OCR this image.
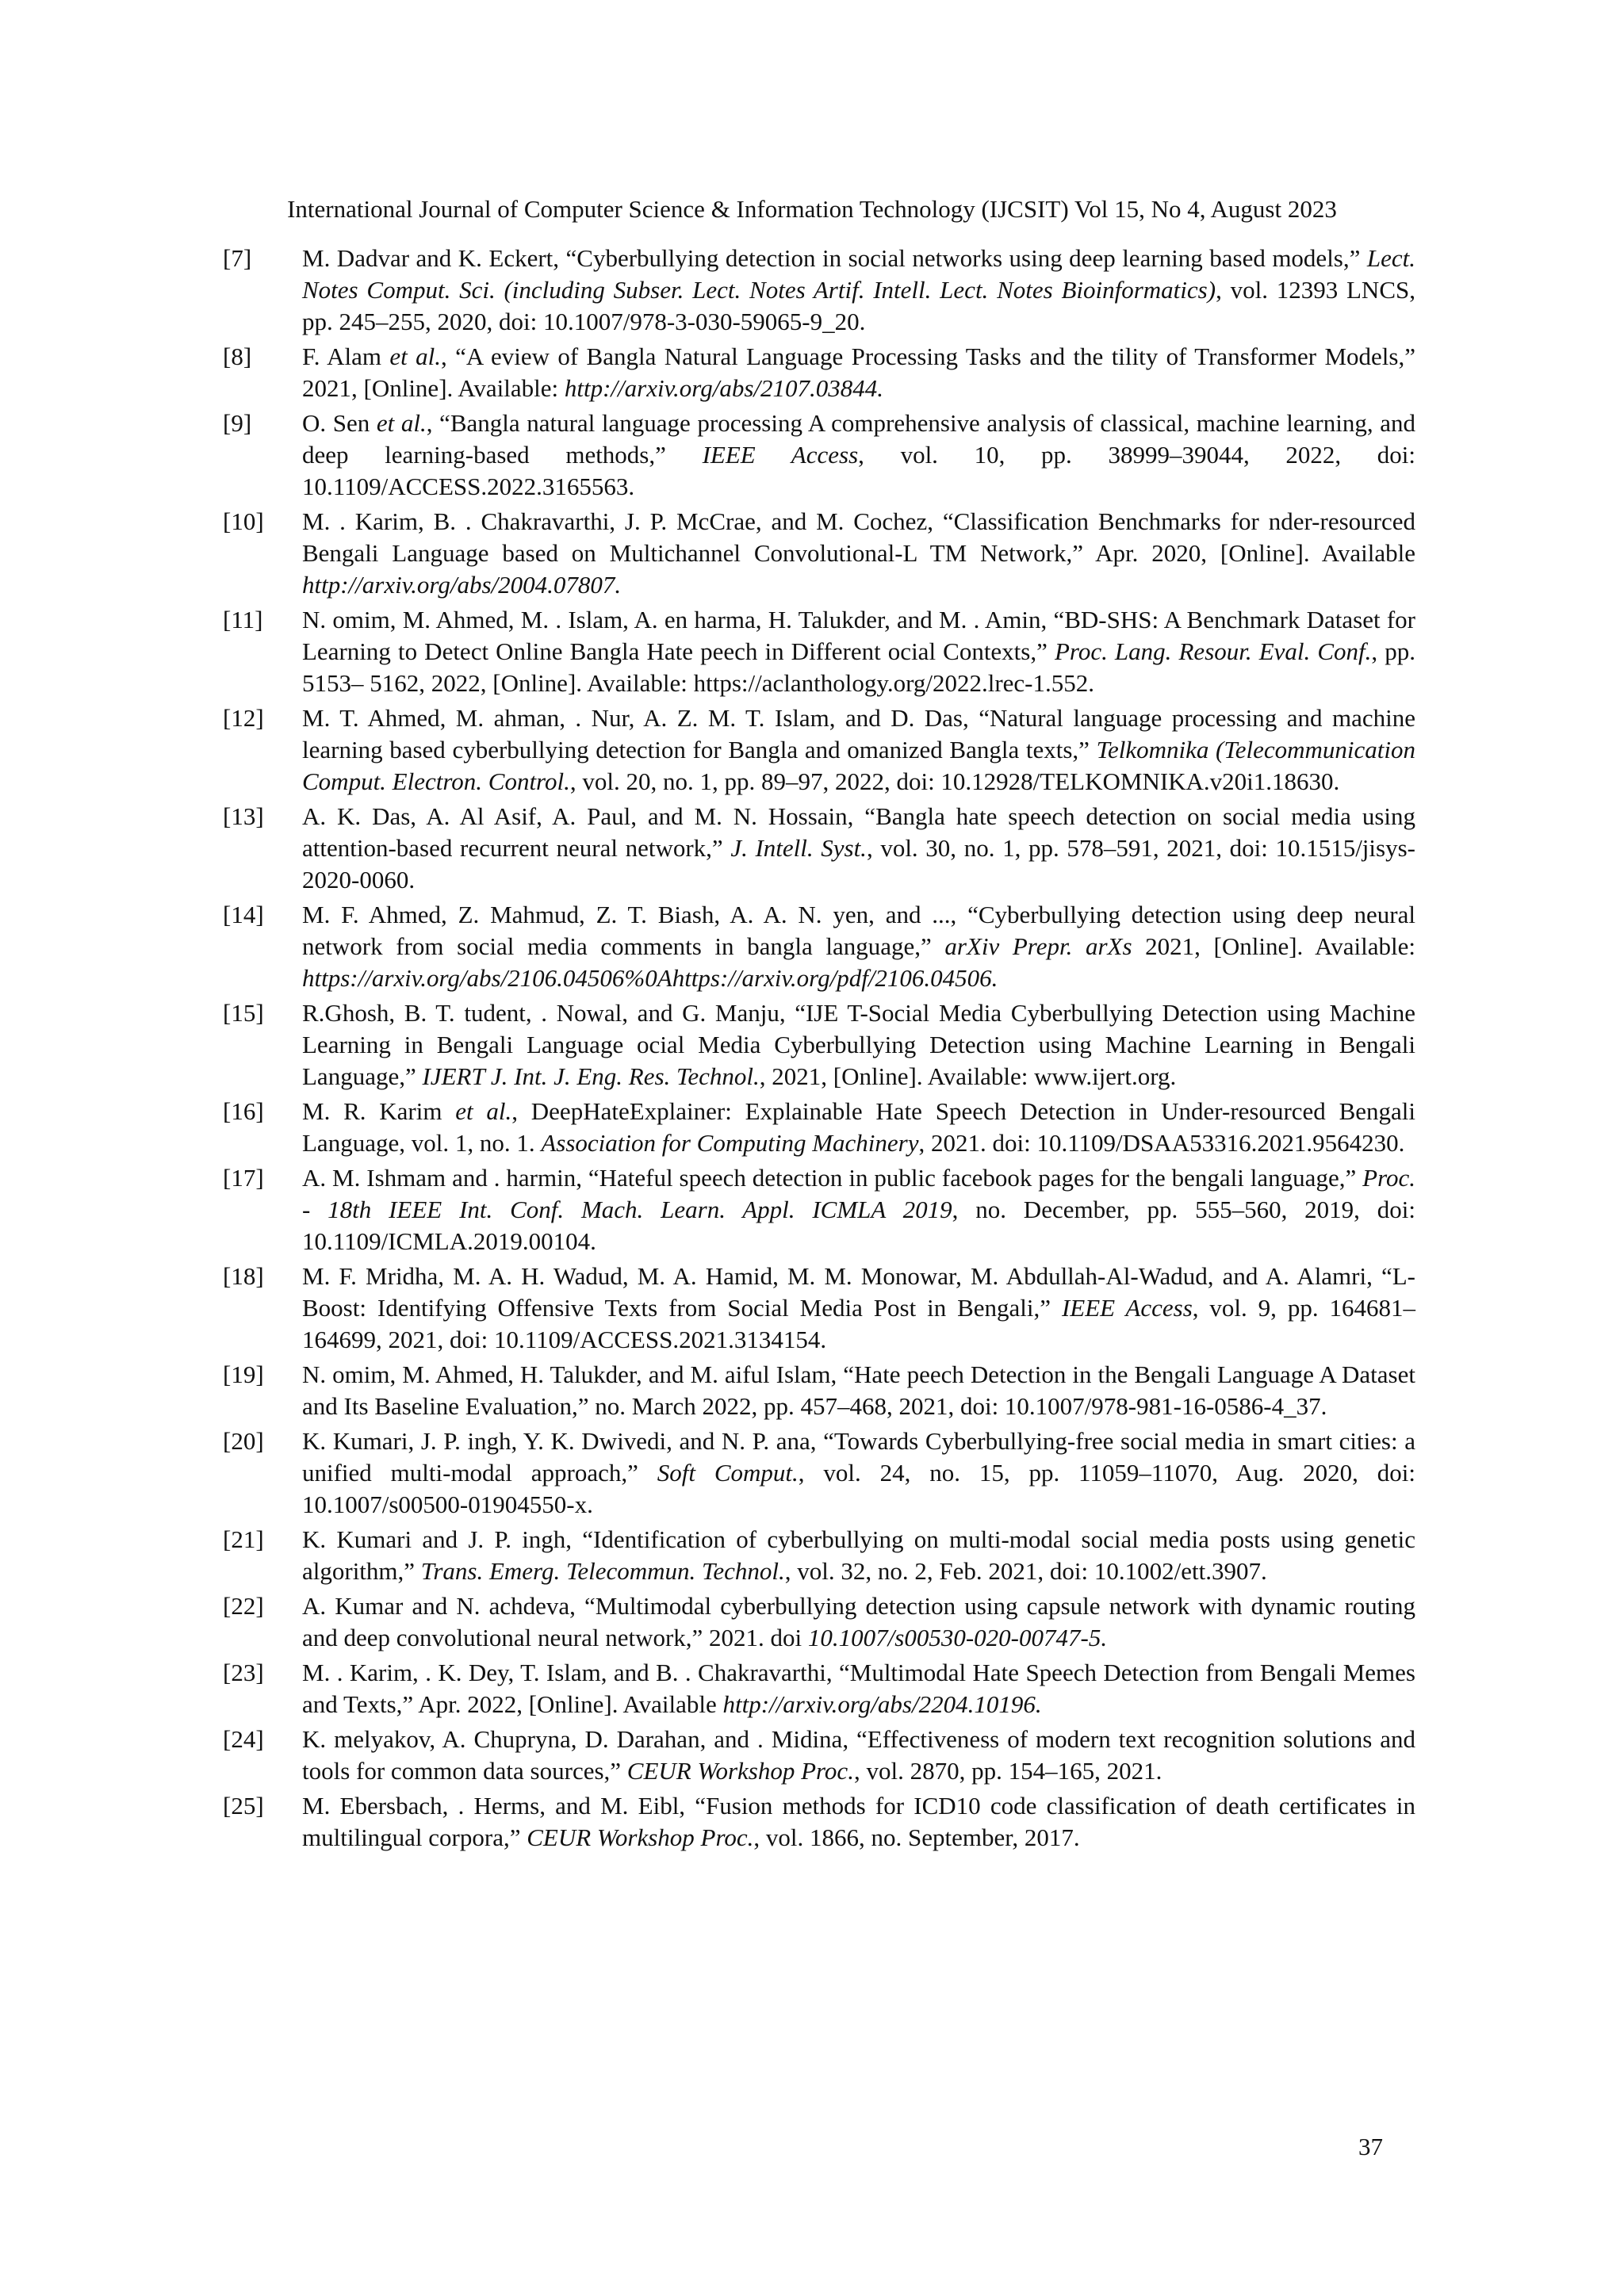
International Journal of Computer Science & Information Technology (IJCSIT) Vol 15, No 4, August 2023
[7]	M. Dadvar and K. Eckert, “Cyberbullying detection in social networks using deep learning based models,” Lect. Notes Comput. Sci. (including Subser. Lect. Notes Artif. Intell. Lect. Notes Bioinformatics), vol. 12393 LNCS, pp. 245–255, 2020, doi: 10.1007/978-3-030-59065-9_20.
[8]	F. Alam et al., “A eview of Bangla Natural Language Processing Tasks and the tility of Transformer Models,” 2021, [Online]. Available: http://arxiv.org/abs/2107.03844.
[9]	O. Sen et al., “Bangla natural language processing A comprehensive analysis of classical, machine learning, and deep learning-based methods,” IEEE Access, vol. 10, pp. 38999–39044, 2022, doi: 10.1109/ACCESS.2022.3165563.
[10]	M. . Karim, B. . Chakravarthi, J. P. McCrae, and M. Cochez, “Classification Benchmarks for nder-resourced Bengali Language based on Multichannel Convolutional-L TM Network,” Apr. 2020, [Online]. Available http://arxiv.org/abs/2004.07807.
[11]	N. omim, M. Ahmed, M. . Islam, A. en harma, H. Talukder, and M. . Amin, “BD-SHS: A Benchmark Dataset for Learning to Detect Online Bangla Hate peech in Different ocial Contexts,” Proc. Lang. Resour. Eval. Conf., pp. 5153– 5162, 2022, [Online]. Available: https://aclanthology.org/2022.lrec-1.552.
[12]	M. T. Ahmed, M. ahman, . Nur, A. Z. M. T. Islam, and D. Das, “Natural language processing and machine learning based cyberbullying detection for Bangla and omanized Bangla texts,” Telkomnika (Telecommunication Comput. Electron. Control., vol. 20, no. 1, pp. 89–97, 2022, doi: 10.12928/TELKOMNIKA.v20i1.18630.
[13]	A. K. Das, A. Al Asif, A. Paul, and M. N. Hossain, “Bangla hate speech detection on social media using attention-based recurrent neural network,” J. Intell. Syst., vol. 30, no. 1, pp. 578–591, 2021, doi: 10.1515/jisys-2020-0060.
[14]	M. F. Ahmed, Z. Mahmud, Z. T. Biash, A. A. N. yen, and ..., “Cyberbullying detection using deep neural network from social media comments in bangla language,” arXiv Prepr. arXs 2021, [Online]. Available: https://arxiv.org/abs/2106.04506%0Ahttps://arxiv.org/pdf/2106.04506.
[15]	R.Ghosh, B. T. tudent, . Nowal, and G. Manju, “IJE T-Social Media Cyberbullying Detection using Machine Learning in Bengali Language ocial Media Cyberbullying Detection using Machine Learning in Bengali Language,” IJERT J. Int. J. Eng. Res. Technol., 2021, [Online]. Available: www.ijert.org.
[16]	M. R. Karim et al., DeepHateExplainer: Explainable Hate Speech Detection in Under-resourced Bengali Language, vol. 1, no. 1. Association for Computing Machinery, 2021. doi: 10.1109/DSAA53316.2021.9564230.
[17]	A. M. Ishmam and . harmin, “Hateful speech detection in public facebook pages for the bengali language,” Proc. - 18th IEEE Int. Conf. Mach. Learn. Appl. ICMLA 2019, no. December, pp. 555–560, 2019, doi: 10.1109/ICMLA.2019.00104.
[18]	M. F. Mridha, M. A. H. Wadud, M. A. Hamid, M. M. Monowar, M. Abdullah-Al-Wadud, and A. Alamri, “L-Boost: Identifying Offensive Texts from Social Media Post in Bengali,” IEEE Access, vol. 9, pp. 164681–164699, 2021, doi: 10.1109/ACCESS.2021.3134154.
[19]	N. omim, M. Ahmed, H. Talukder, and M. aiful Islam, “Hate peech Detection in the Bengali Language A Dataset and Its Baseline Evaluation,” no. March 2022, pp. 457–468, 2021, doi: 10.1007/978-981-16-0586-4_37.
[20]	K. Kumari, J. P. ingh, Y. K. Dwivedi, and N. P. ana, “Towards Cyberbullying-free social media in smart cities: a unified multi-modal approach,” Soft Comput., vol. 24, no. 15, pp. 11059–11070, Aug. 2020, doi: 10.1007/s00500-01904550-x.
[21]	K. Kumari and J. P. ingh, “Identification of cyberbullying on multi-modal social media posts using genetic algorithm,” Trans. Emerg. Telecommun. Technol., vol. 32, no. 2, Feb. 2021, doi: 10.1002/ett.3907.
[22]	A. Kumar and N. achdeva, “Multimodal cyberbullying detection using capsule network with dynamic routing and deep convolutional neural network,” 2021. doi 10.1007/s00530-020-00747-5.
[23]	M. . Karim, . K. Dey, T. Islam, and B. . Chakravarthi, “Multimodal Hate Speech Detection from Bengali Memes and Texts,” Apr. 2022, [Online]. Available http://arxiv.org/abs/2204.10196.
[24]	K. melyakov, A. Chupryna, D. Darahan, and . Midina, “Effectiveness of modern text recognition solutions and tools for common data sources,” CEUR Workshop Proc., vol. 2870, pp. 154–165, 2021.
[25]	M. Ebersbach, . Herms, and M. Eibl, “Fusion methods for ICD10 code classification of death certificates in multilingual corpora,” CEUR Workshop Proc., vol. 1866, no. September, 2017.
37
